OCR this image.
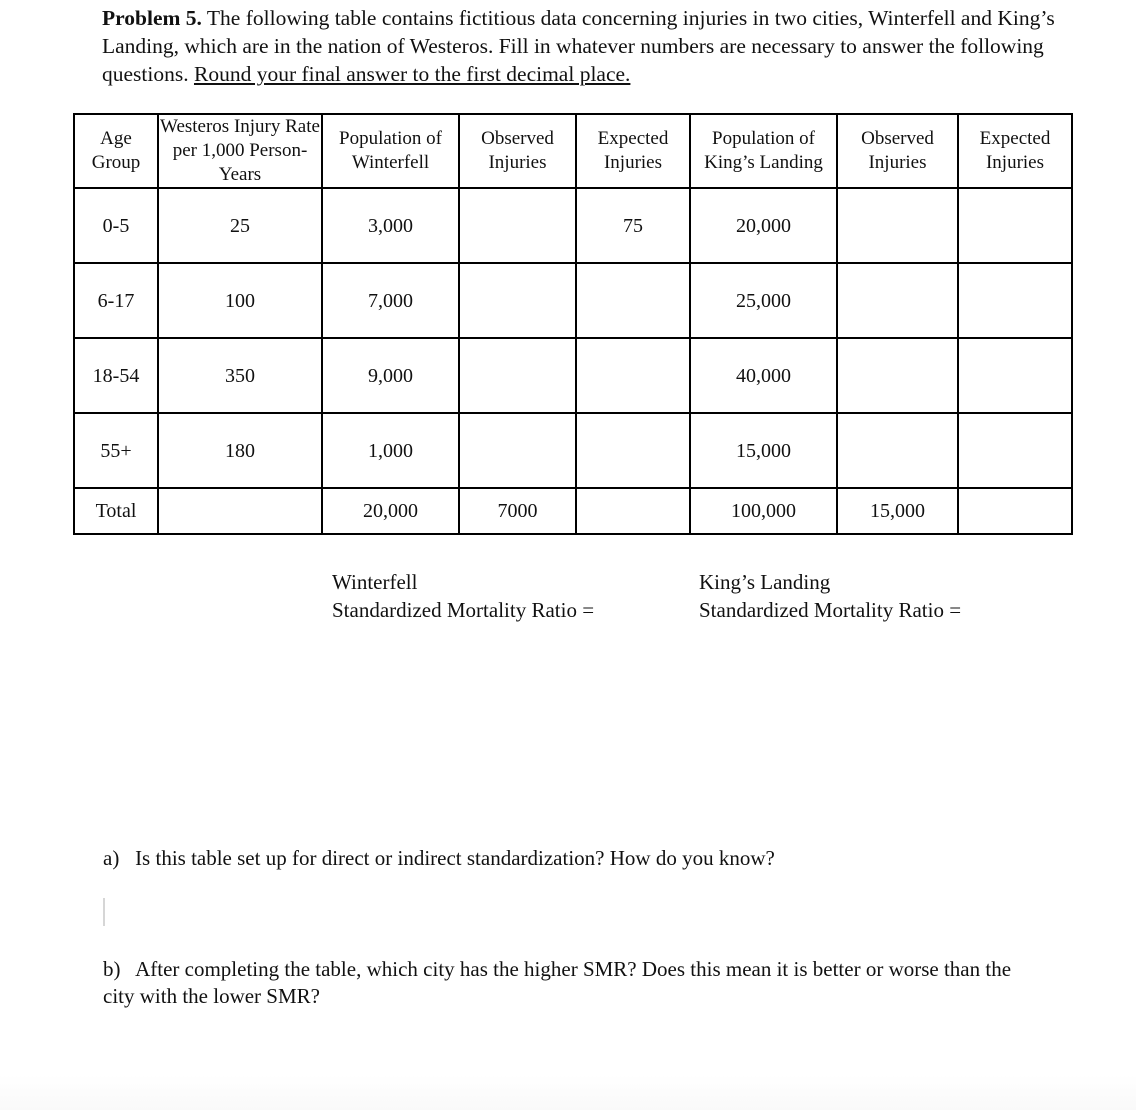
Problem 5. The following table contains fictitious data concerning injuries in two cities, Winterfell and King’s Landing, which are in the nation of Westeros. Fill in whatever numbers are necessary to answer the following questions. Round your final answer to the first decimal place.
Age Group	Westeros Injury Rate per 1,000 Person-Years	Population of Winterfell	Observed Injuries	Expected Injuries	Population of King’s Landing	Observed Injuries	Expected Injuries
0-5	25	3,000		75	20,000		
6-17	100	7,000			25,000		
18-54	350	9,000			40,000		
55+	180	1,000			15,000		
Total		20,000	7000		100,000	15,000	
Winterfell
Standardized Mortality Ratio =
King’s Landing
Standardized Mortality Ratio =
a)   Is this table set up for direct or indirect standardization? How do you know?
b)   After completing the table, which city has the higher SMR? Does this mean it is better or worse than the city with the lower SMR?
